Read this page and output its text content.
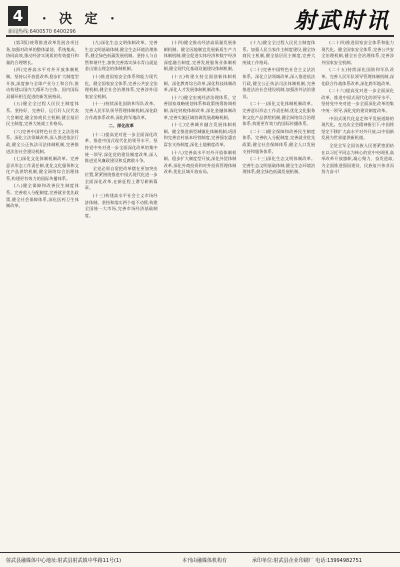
4	· 决 定 ·
新闻热线:6400570 6400296	射武时讯

(第3版)统筹推进改革发展各项任务,加强对改革的整体谋划、系统集成、协同高效,推动经济实现质的有效提升和量的合理增长。

(四)完善高水平对外开放体制机制。坚持以开放促改革,稳步扩大制度型开放,深度参与全球产业分工和合作,推动构建以国内大循环为主体、国内国际双循环相互促进的新发展格局。

(五)健全全过程人民民主制度体系。坚持好、完善好、运行好人民代表大会制度,健全协商民主机制,健全基层民主制度,完善大统战工作格局。

(六)完善中国特色社会主义法治体系。深化立法领域改革,深入推进依法行政,健全公正执法司法体制机制,完善推进法治社会建设机制。

(七)深化文化体制机制改革。完善意识形态工作责任制,优化文化服务和文化产品供给机制,健全网络综合治理体系,构建更有效力的国际传播体系。

(八)健全保障和改善民生制度体系。完善收入分配制度,完善就业优先政策,健全社会保障体系,深化医药卫生体制改革。

(九)深化生态文明体制改革。完善生态文明基础体制,健全生态环境治理体系,健全绿色低碳发展机制。坚持人与自然和谐共生,加快完善落实绿水青山就是金山银山理念的体制机制。

(十)推进国家安全体系和能力现代化。健全国家安全体系,完善公共安全治理机制,健全社会治理体系,完善涉外国家安全机制。

(十一)持续深化国防和军队改革。完善人民军队领导管理体制机制,深化联合作战体系改革,深化跨军地改革。

二、深化改革

(十二)提高党对进一步全面深化改革、推进中国式现代化的领导水平。坚持党中央对进一步全面深化改革的集中统一领导,深化党的建设制度改革,深入推进党风廉政建设和反腐败斗争。

全党必须自觉把改革摆在更加突出位置,紧紧围绕推进中国式现代化进一步全面深化改革,在新征程上谱写崭新篇章。

(十三)构建高水平社会主义市场经济体制。坚持和落实两个毫不动摇,构建全国统一大市场,完善市场经济基础制度。

(十四)健全推动经济高质量发展体制机制。健全因地制宜发展新质生产力体制机制,健全促进实体经济和数字经济深度融合制度,完善发展服务业体制机制,健全现代化基础设施建设体制机制。

(十五)构建支持全面创新体制机制。深化教育综合改革,深化科技体制改革,深化人才发展体制机制改革。

(十六)健全宏观经济治理体系。完善国家战略规划体系和政策统筹协调机制,深化财税体制改革,深化金融体制改革,完善实施区域协调发展战略机制。

(十七)完善城乡融合发展体制机制。健全推进新型城镇化体制机制,巩固和完善农村基本经营制度,完善强农惠农富农支持制度,深化土地制度改革。

(十八)完善高水平对外开放体制机制。稳步扩大制度型开放,深化外贸体制改革,深化外商投资和对外投资管理体制改革,优化区域开放布局。

(十九)健全全过程人民民主制度体系。加强人民当家作主制度建设,健全协商民主机制,健全基层民主制度,完善大统战工作格局。

(二十)完善中国特色社会主义法治体系。深化立法领域改革,深入推进依法行政,健全公正执法司法体制机制,完善推进法治社会建设机制,加强涉外法治建设。

(二十一)深化文化体制机制改革。完善意识形态工作责任制,优化文化服务和文化产品供给机制,健全网络综合治理体系,构建更有效力的国际传播体系。

(二十二)健全保障和改善民生制度体系。完善收入分配制度,完善就业优先政策,健全社会保障体系,健全人口发展支持和服务体系。

(二十三)深化生态文明体制改革。完善生态文明基础体制,健全生态环境治理体系,健全绿色低碳发展机制。

(二十四)推进国家安全体系和能力现代化。健全国家安全体系,完善公共安全治理机制,健全社会治理体系,完善涉外国家安全机制。

(二十五)持续深化国防和军队改革。完善人民军队领导管理体制机制,深化联合作战体系改革,深化跨军地改革。

(二十六)提高党对进一步全面深化改革、推进中国式现代化的领导水平。坚持党中央对进一步全面深化改革的集中统一领导,深化党的建设制度改革。

中国式现代化是走和平发展道路的现代化。在这次全会精神指引下,中国将坚定不移扩大高水平对外开放,以中国新发展为世界提供新机遇。

全党全军全国各族人民要紧密团结在以习近平同志为核心的党中央周围,高举改革开放旗帜,凝心聚力、奋发进取,为全面推进强国建设、民族复兴伟业而努力奋斗!

射武县融媒体中心地址:射武县射武镇中华路11号(1)	本刊由融媒体机构有	承印单位:射武县企业印刷厂 电话:13994982751
